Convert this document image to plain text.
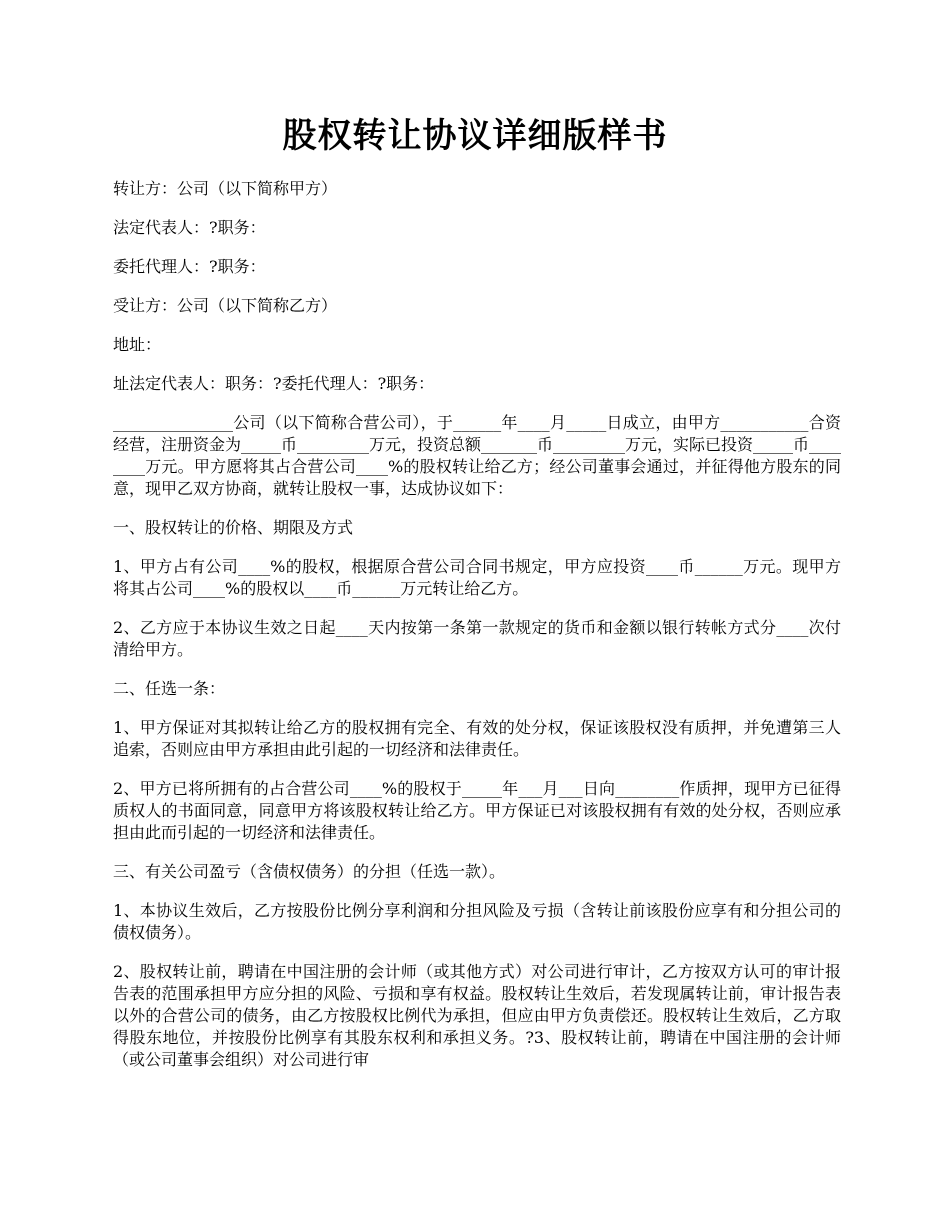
股权转让协议详细版样书

转让方：公司（以下简称甲方）

法定代表人：?职务：

委托代理人：?职务：

受让方：公司（以下简称乙方）

地址：

址法定代表人：职务：?委托代理人：?职务：

_______________公司（以下简称合营公司），于______年____月_____日成立，由甲方___________合资经营，注册资金为_____币_________万元，投资总额_______币_________万元，实际已投资_____币________万元。甲方愿将其占合营公司____%的股权转让给乙方；经公司董事会通过，并征得他方股东的同意，现甲乙双方协商，就转让股权一事，达成协议如下：

一、股权转让的价格、期限及方式

1、甲方占有公司____%的股权，根据原合营公司合同书规定，甲方应投资____币______万元。现甲方将其占公司____%的股权以____币______万元转让给乙方。

2、乙方应于本协议生效之日起____天内按第一条第一款规定的货币和金额以银行转帐方式分____次付清给甲方。

二、任选一条：

1、甲方保证对其拟转让给乙方的股权拥有完全、有效的处分权，保证该股权没有质押，并免遭第三人追索，否则应由甲方承担由此引起的一切经济和法律责任。

2、甲方已将所拥有的占合营公司____%的股权于_____年___月___日向________作质押，现甲方已征得质权人的书面同意，同意甲方将该股权转让给乙方。甲方保证已对该股权拥有有效的处分权，否则应承担由此而引起的一切经济和法律责任。

三、有关公司盈亏（含债权债务）的分担（任选一款）。

1、本协议生效后，乙方按股份比例分享利润和分担风险及亏损（含转让前该股份应享有和分担公司的债权债务）。

2、股权转让前，聘请在中国注册的会计师（或其他方式）对公司进行审计，乙方按双方认可的审计报告表的范围承担甲方应分担的风险、亏损和享有权益。股权转让生效后，若发现属转让前，审计报告表以外的合营公司的债务，由乙方按股权比例代为承担，但应由甲方负责偿还。股权转让生效后，乙方取得股东地位，并按股份比例享有其股东权利和承担义务。?3、股权转让前，聘请在中国注册的会计师（或公司董事会组织）对公司进行审
